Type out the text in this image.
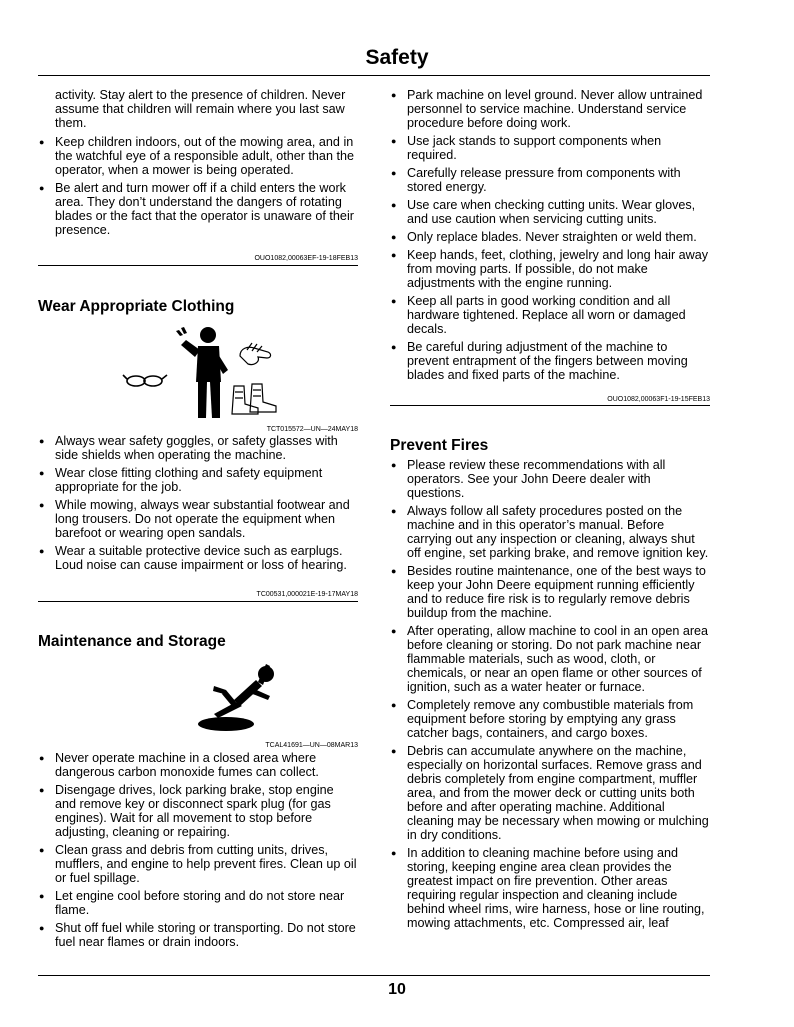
Safety

activity. Stay alert to the presence of children. Never assume that children will remain where you last saw them.

● Keep children indoors, out of the mowing area, and in the watchful eye of a responsible adult, other than the operator, when a mower is being operated.
● Be alert and turn mower off if a child enters the work area. They don’t understand the dangers of rotating blades or the fact that the operator is unaware of their presence.
OUO1082,00063EF-19-18FEB13
Wear Appropriate Clothing
TCT015572—UN—24MAY18
● Always wear safety goggles, or safety glasses with side shields when operating the machine.
● Wear close fitting clothing and safety equipment appropriate for the job.
● While mowing, always wear substantial footwear and long trousers. Do not operate the equipment when barefoot or wearing open sandals.
● Wear a suitable protective device such as earplugs. Loud noise can cause impairment or loss of hearing.
TC00531,000021E-19-17MAY18
Maintenance and Storage
TCAL41691—UN—08MAR13
● Never operate machine in a closed area where dangerous carbon monoxide fumes can collect.
● Disengage drives, lock parking brake, stop engine and remove key or disconnect spark plug (for gas engines). Wait for all movement to stop before adjusting, cleaning or repairing.
● Clean grass and debris from cutting units, drives, mufflers, and engine to help prevent fires. Clean up oil or fuel spillage.
● Let engine cool before storing and do not store near flame.
● Shut off fuel while storing or transporting. Do not store fuel near flames or drain indoors.
● Park machine on level ground. Never allow untrained personnel to service machine. Understand service procedure before doing work.
● Use jack stands to support components when required.
● Carefully release pressure from components with stored energy.
● Use care when checking cutting units. Wear gloves, and use caution when servicing cutting units.
● Only replace blades. Never straighten or weld them.
● Keep hands, feet, clothing, jewelry and long hair away from moving parts. If possible, do not make adjustments with the engine running.
● Keep all parts in good working condition and all hardware tightened. Replace all worn or damaged decals.
● Be careful during adjustment of the machine to prevent entrapment of the fingers between moving blades and fixed parts of the machine.
OUO1082,00063F1-19-15FEB13
Prevent Fires
● Please review these recommendations with all operators. See your John Deere dealer with questions.
● Always follow all safety procedures posted on the machine and in this operator’s manual. Before carrying out any inspection or cleaning, always shut off engine, set parking brake, and remove ignition key.
● Besides routine maintenance, one of the best ways to keep your John Deere equipment running efficiently and to reduce fire risk is to regularly remove debris buildup from the machine.
● After operating, allow machine to cool in an open area before cleaning or storing. Do not park machine near flammable materials, such as wood, cloth, or chemicals, or near an open flame or other sources of ignition, such as a water heater or furnace.
● Completely remove any combustible materials from equipment before storing by emptying any grass catcher bags, containers, and cargo boxes.
● Debris can accumulate anywhere on the machine, especially on horizontal surfaces. Remove grass and debris completely from engine compartment, muffler area, and from the mower deck or cutting units both before and after operating machine. Additional cleaning may be necessary when mowing or mulching in dry conditions.
● In addition to cleaning machine before using and storing, keeping engine area clean provides the greatest impact on fire prevention. Other areas requiring regular inspection and cleaning include behind wheel rims, wire harness, hose or line routing, mowing attachments, etc. Compressed air, leaf
10
